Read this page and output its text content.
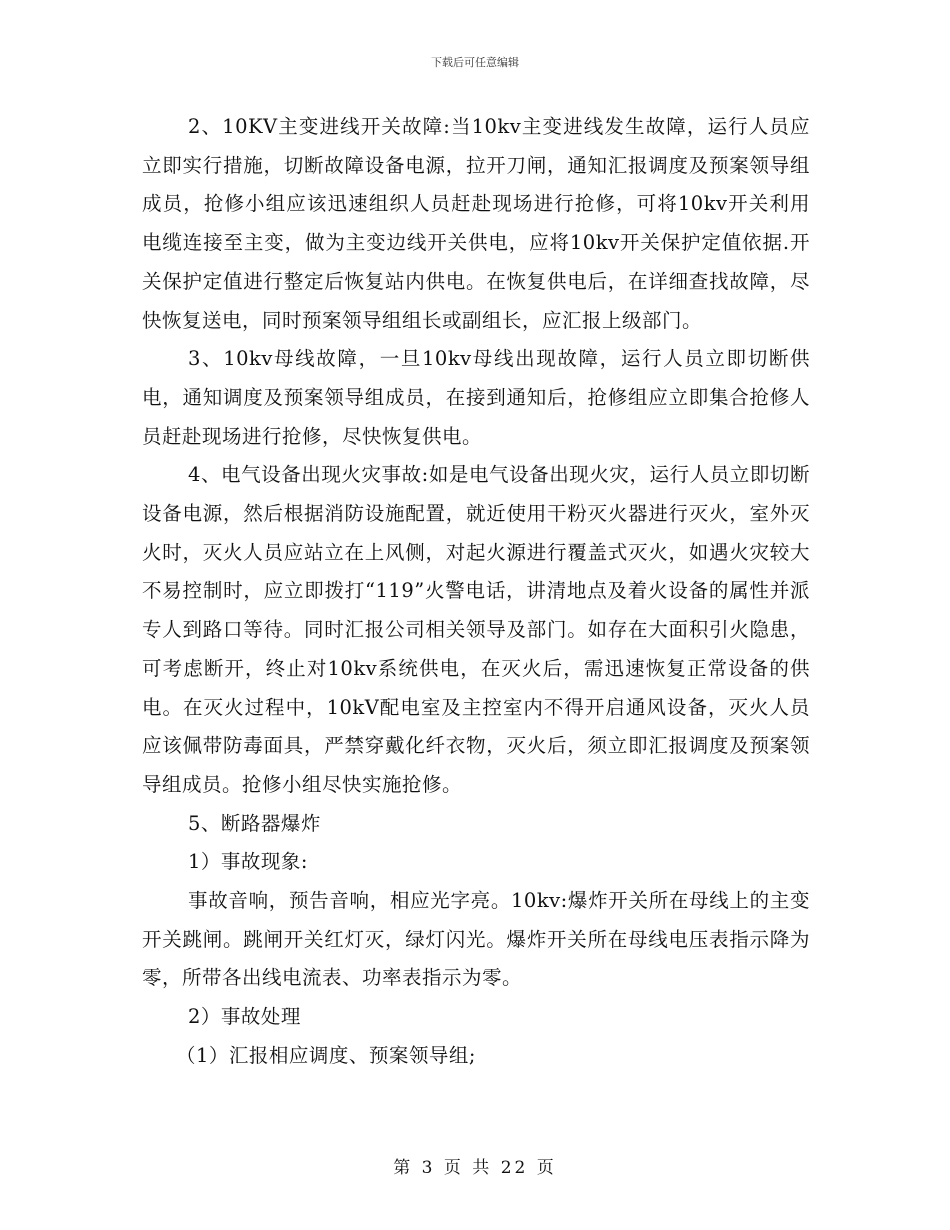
下载后可任意编辑

2、10KV主变进线开关故障:当10kv主变进线发生故障，运行人员应立即实行措施，切断故障设备电源，拉开刀闸，通知汇报调度及预案领导组成员，抢修小组应该迅速组织人员赶赴现场进行抢修，可将10kv开关利用电缆连接至主变，做为主变边线开关供电，应将10kv开关保护定值依据.开关保护定值进行整定后恢复站内供电。在恢复供电后，在详细查找故障，尽快恢复送电，同时预案领导组组长或副组长，应汇报上级部门。

3、10kv母线故障，一旦10kv母线出现故障，运行人员立即切断供电，通知调度及预案领导组成员，在接到通知后，抢修组应立即集合抢修人员赶赴现场进行抢修，尽快恢复供电。

4、电气设备出现火灾事故:如是电气设备出现火灾，运行人员立即切断设备电源，然后根据消防设施配置，就近使用干粉灭火器进行灭火，室外灭火时，灭火人员应站立在上风侧，对起火源进行覆盖式灭火，如遇火灾较大不易控制时，应立即拨打“119”火警电话，讲清地点及着火设备的属性并派专人到路口等待。同时汇报公司相关领导及部门。如存在大面积引火隐患，可考虑断开，终止对10kv系统供电，在灭火后，需迅速恢复正常设备的供电。在灭火过程中，10kV配电室及主控室内不得开启通风设备，灭火人员应该佩带防毒面具，严禁穿戴化纤衣物，灭火后，须立即汇报调度及预案领导组成员。抢修小组尽快实施抢修。

5、断路器爆炸

1）事故现象:

事故音响，预告音响，相应光字亮。10kv:爆炸开关所在母线上的主变开关跳闸。跳闸开关红灯灭，绿灯闪光。爆炸开关所在母线电压表指示降为零，所带各出线电流表、功率表指示为零。

2）事故处理

（1）汇报相应调度、预案领导组;

第 3 页 共 22 页
